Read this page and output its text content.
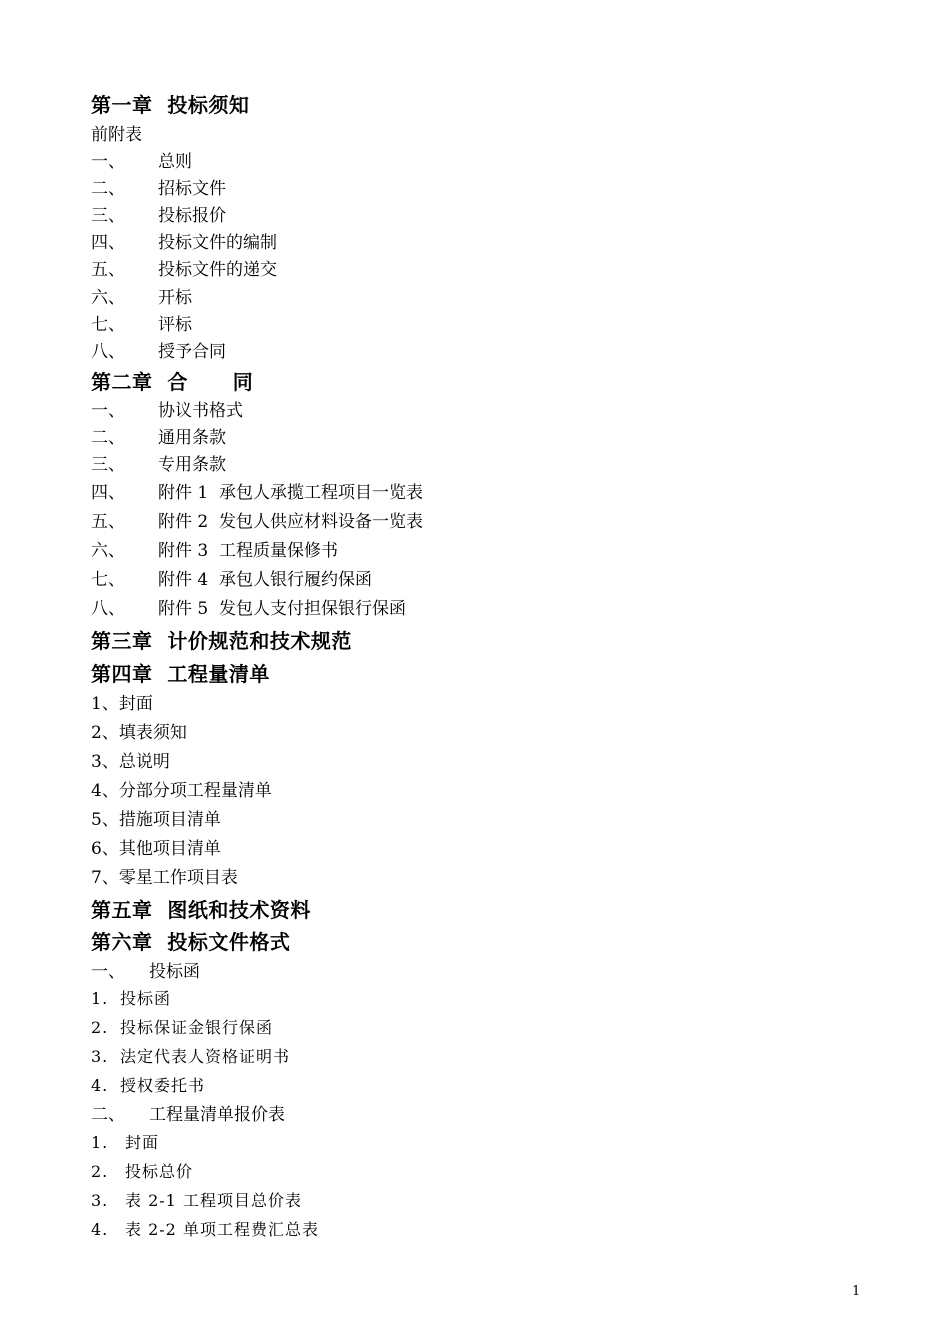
第一章  投标须知
前附表
一、 总则
二、 招标文件
三、 投标报价
四、 投标文件的编制
五、 投标文件的递交
六、 开标
七、 评标
八、 授予合同
第二章  合      同
一、 协议书格式
二、 通用条款
三、 专用条款
四、 附件 1  承包人承揽工程项目一览表
五、 附件 2  发包人供应材料设备一览表
六、 附件 3  工程质量保修书
七、 附件 4  承包人银行履约保函
八、 附件 5  发包人支付担保银行保函
第三章  计价规范和技术规范
第四章  工程量清单
1、封面
2、填表须知
3、总说明
4、分部分项工程量清单
5、措施项目清单
6、其他项目清单
7、零星工作项目表
第五章  图纸和技术资料
第六章  投标文件格式
一、 投标函
1. 投标函
2. 投标保证金银行保函
3. 法定代表人资格证明书
4. 授权委托书
二、 工程量清单报价表
1. 封面
2. 投标总价
3. 表 2-1 工程项目总价表
4. 表 2-2 单项工程费汇总表
1
